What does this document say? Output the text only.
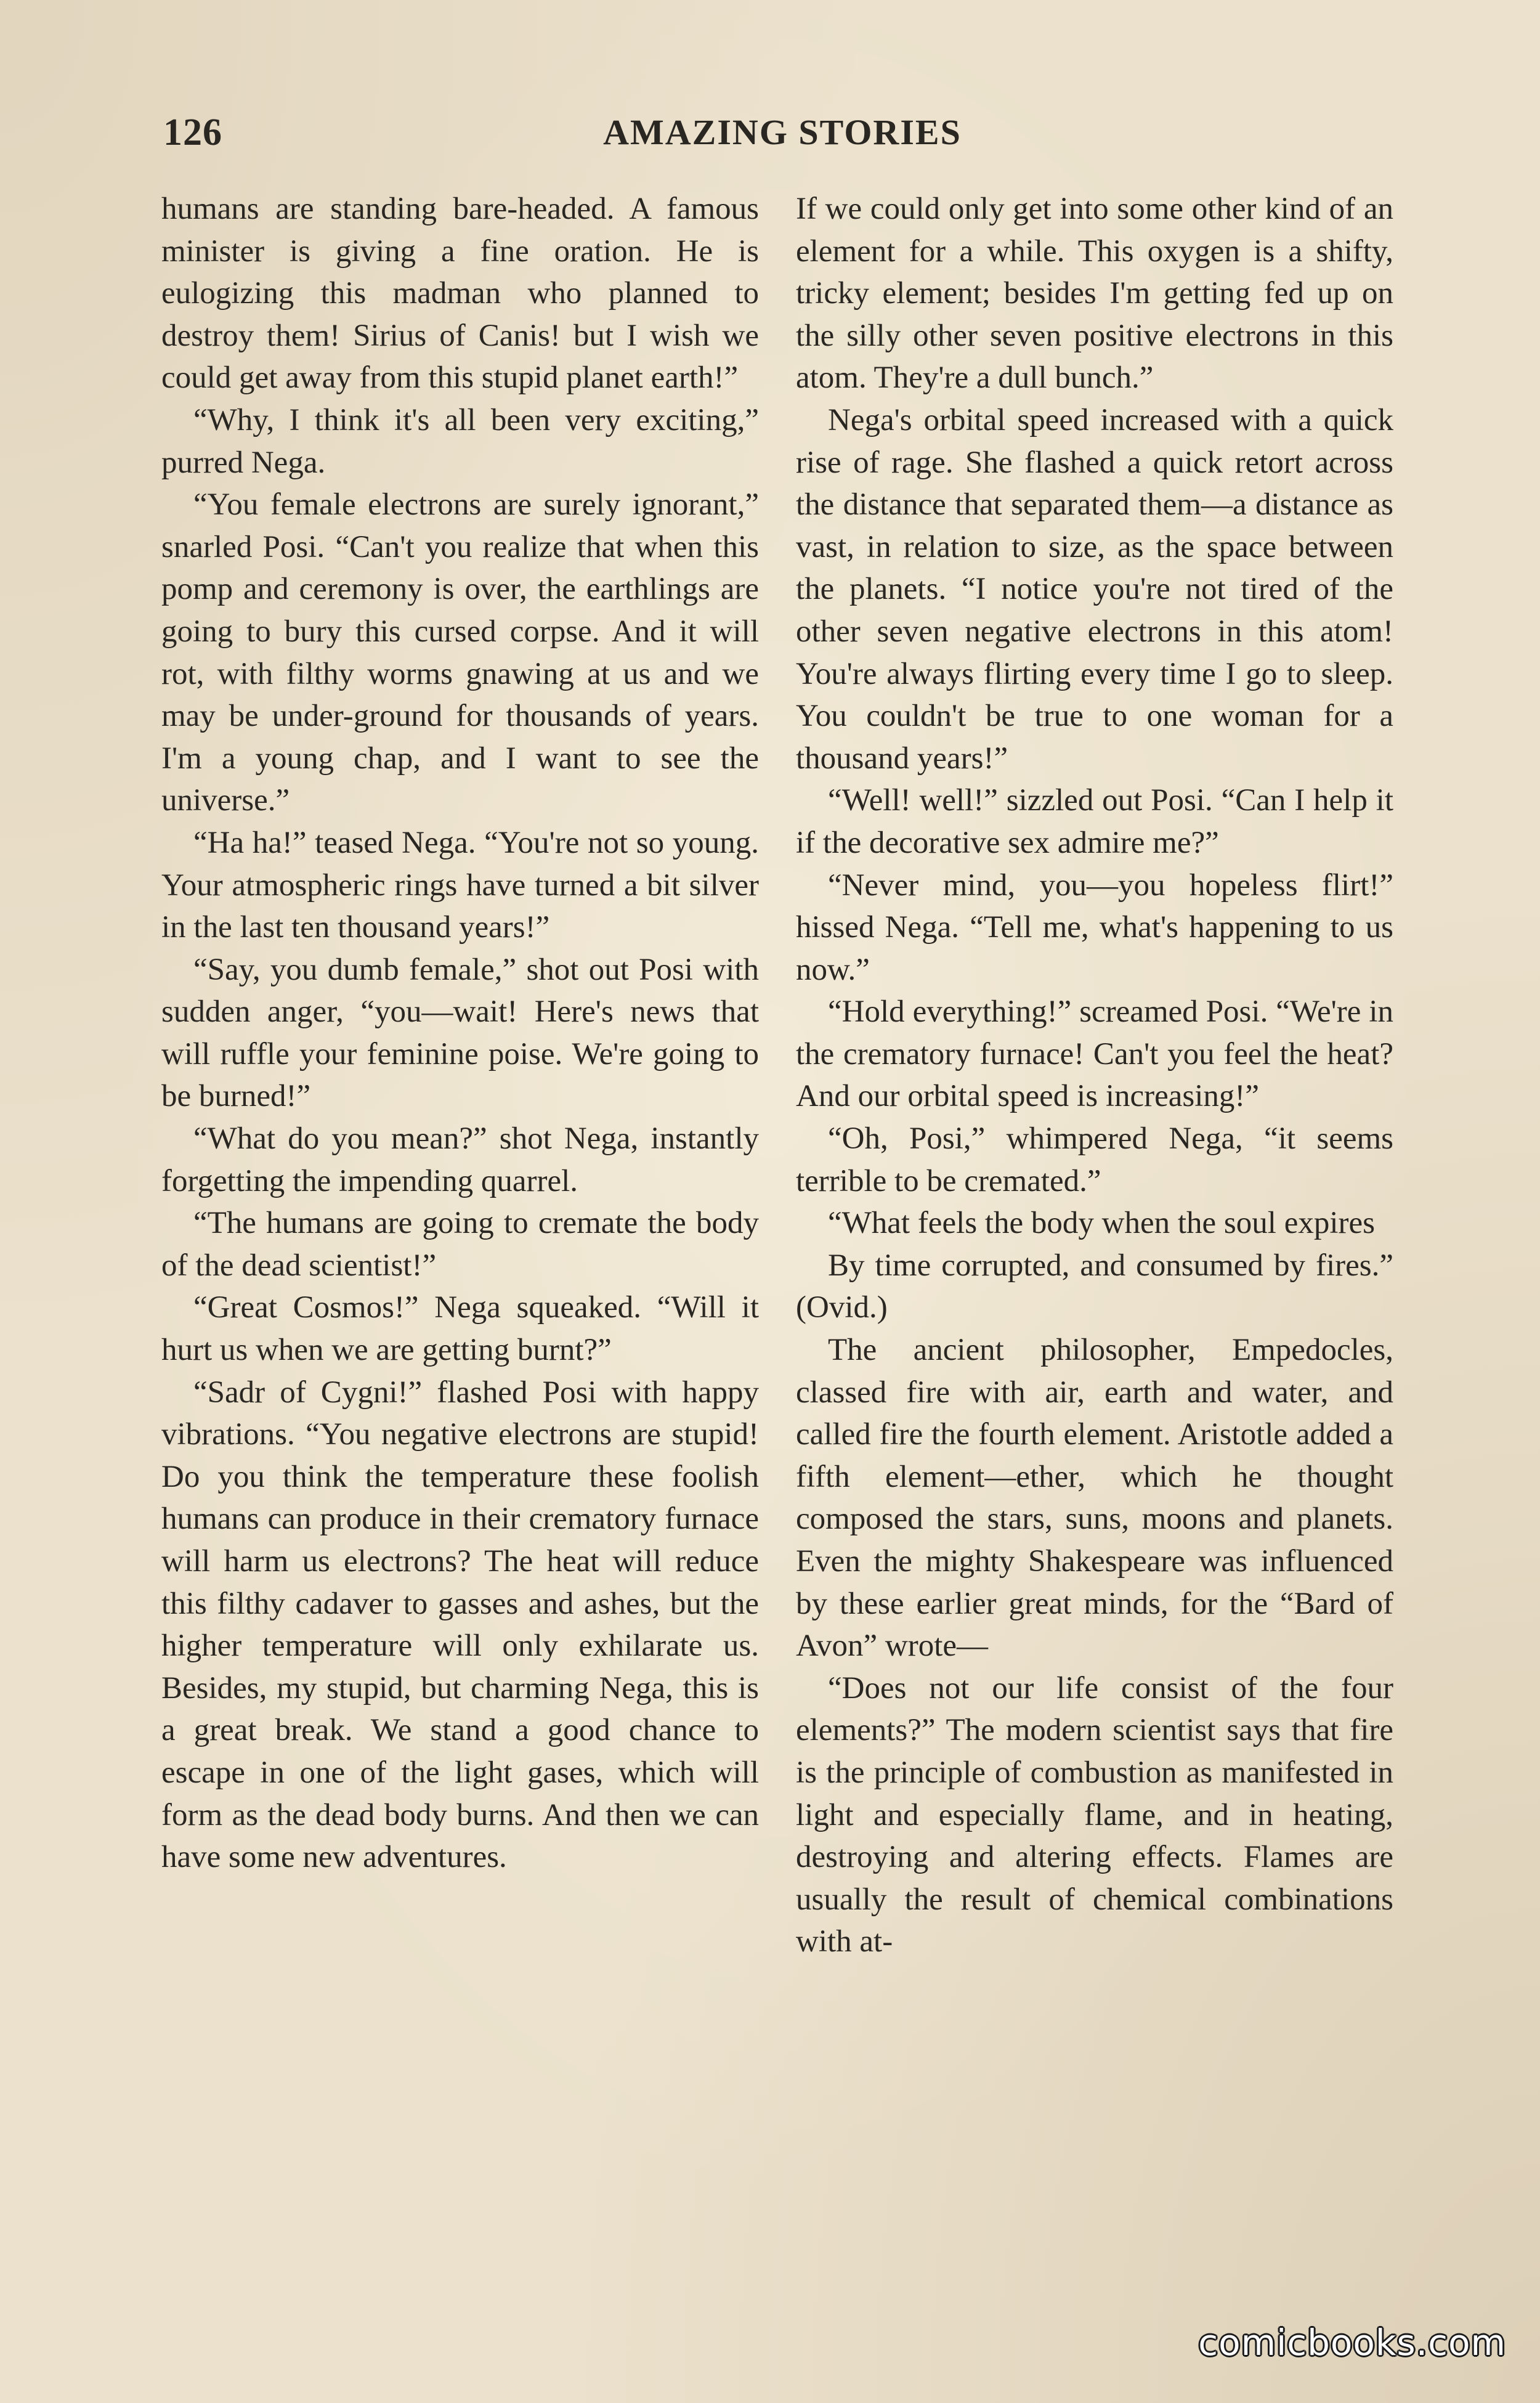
AMAZING STORIES
126

humans are standing bare-headed. A famous minister is giving a fine oration. He is eulogizing this madman who planned to destroy them! Sirius of Canis! but I wish we could get away from this stupid planet earth!”

“Why, I think it's all been very exciting,” purred Nega.

“You female electrons are surely ignorant,” snarled Posi. “Can't you realize that when this pomp and ceremony is over, the earthlings are going to bury this cursed corpse. And it will rot, with filthy worms gnawing at us and we may be under-ground for thousands of years. I'm a young chap, and I want to see the universe.”

“Ha ha!” teased Nega. “You're not so young. Your atmospheric rings have turned a bit silver in the last ten thousand years!”

“Say, you dumb female,” shot out Posi with sudden anger, “you—wait! Here's news that will ruffle your feminine poise. We're going to be burned!”

“What do you mean?” shot Nega, instantly forgetting the impending quarrel.

“The humans are going to cremate the body of the dead scientist!”

“Great Cosmos!” Nega squeaked. “Will it hurt us when we are getting burnt?”

“Sadr of Cygni!” flashed Posi with happy vibrations. “You negative electrons are stupid! Do you think the temperature these foolish humans can produce in their crematory furnace will harm us electrons? The heat will reduce this filthy cadaver to gasses and ashes, but the higher temperature will only exhilarate us. Besides, my stupid, but charming Nega, this is a great break. We stand a good chance to escape in one of the light gases, which will form as the dead body burns. And then we can have some new adventures.

If we could only get into some other kind of an element for a while. This oxygen is a shifty, tricky element; besides I'm getting fed up on the silly other seven positive electrons in this atom. They're a dull bunch.”

Nega's orbital speed increased with a quick rise of rage. She flashed a quick retort across the distance that separated them—a distance as vast, in relation to size, as the space between the planets. “I notice you're not tired of the other seven negative electrons in this atom! You're always flirting every time I go to sleep. You couldn't be true to one woman for a thousand years!”

“Well! well!” sizzled out Posi. “Can I help it if the decorative sex admire me?”

“Never mind, you—you hopeless flirt!” hissed Nega. “Tell me, what's happening to us now.”

“Hold everything!” screamed Posi. “We're in the crematory furnace! Can't you feel the heat? And our orbital speed is increasing!”

“Oh, Posi,” whimpered Nega, “it seems terrible to be cremated.”

“What feels the body when the soul expires

By time corrupted, and consumed by fires.” (Ovid.)

The ancient philosopher, Empedocles, classed fire with air, earth and water, and called fire the fourth element. Aristotle added a fifth element—ether, which he thought composed the stars, suns, moons and planets. Even the mighty Shakespeare was influenced by these earlier great minds, for the “Bard of Avon” wrote—

“Does not our life consist of the four elements?” The modern scientist says that fire is the principle of combustion as manifested in light and especially flame, and in heating, destroying and altering effects. Flames are usually the result of chemical combinations with at-

comicbooks.com
